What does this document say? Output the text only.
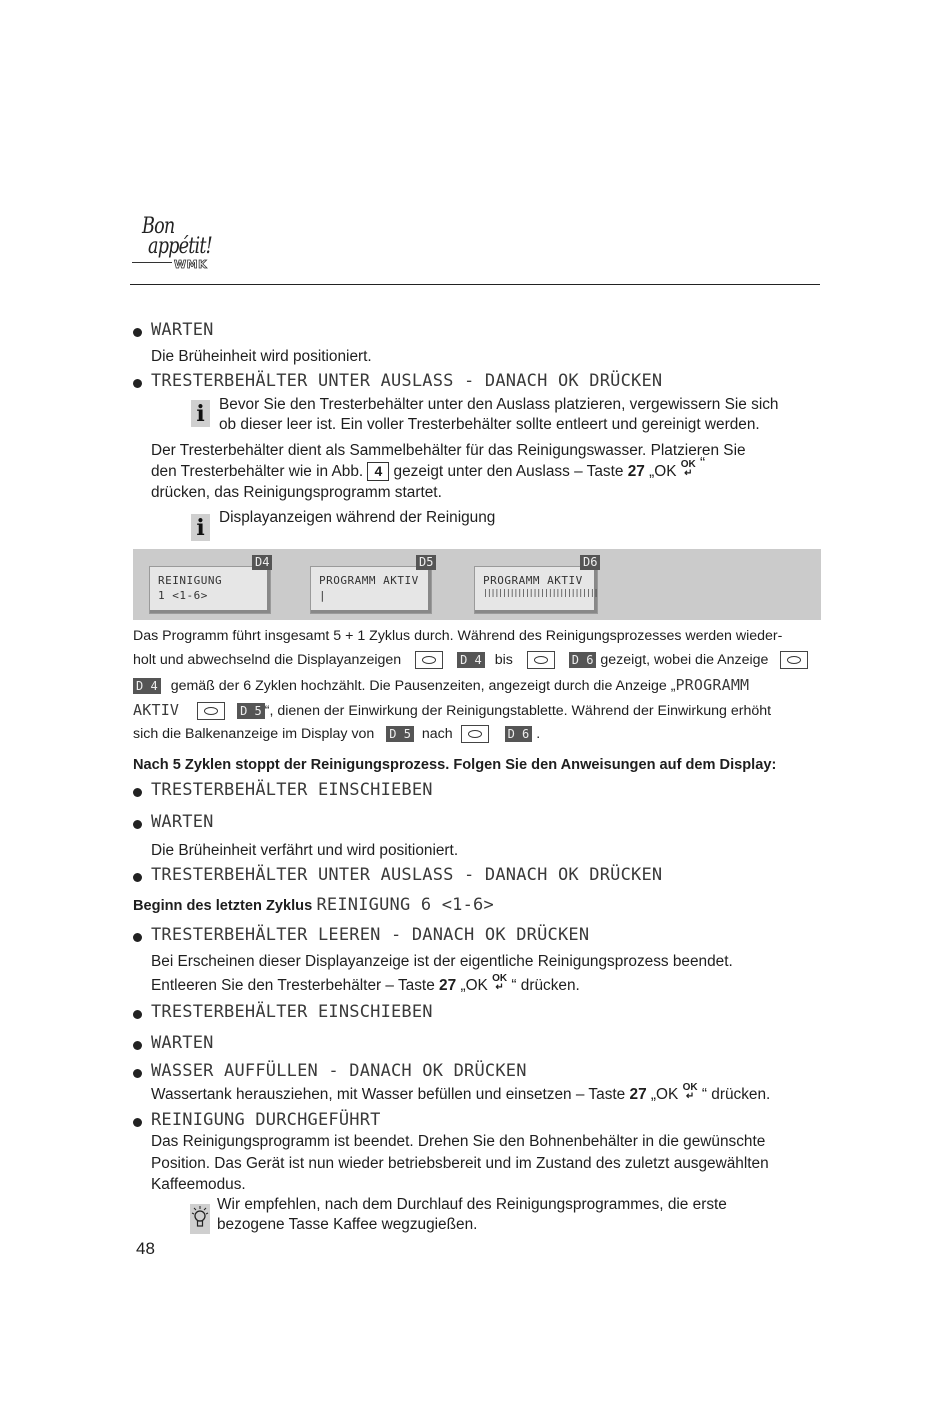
Bon
appétit!
WMK
WARTEN
Die Brüheinheit wird positioniert.
TRESTERBEHÄLTER UNTER AUSLASS - DANACH OK DRÜCKEN
i Bevor Sie den Tresterbehälter unter den Auslass platzieren, vergewissern Sie sich
ob dieser leer ist. Ein voller Tresterbehälter sollte entleert und gereinigt werden.
Der Tresterbehälter dient als Sammelbehälter für das Reinigungswasser. Platzieren Sie
den Tresterbehälter wie in Abb. 4 gezeigt unter den Auslass – Taste 27 „OK OK
↵ “
drücken, das Reinigungsprogramm startet.
i Displayanzeigen während der Reinigung
REINIGUNG
1 <1-6>
D4
PROGRAMM AKTIV
|
D5
PROGRAMM AKTIV
||||||||||||||||||||||||||||||
D6
Das Programm führt insgesamt 5 + 1 Zyklus durch. Während des Reinigungsprozesses werden wieder-
holt und abwechselnd die Displayanzeigen	D 4 bis	D 6 gezeigt, wobei die Anzeige
D 4 gemäß der 6 Zyklen hochzählt. Die Pausenzeiten, angezeigt durch die Anzeige „PROGRAMM
AKTIV	D 5 “, dienen der Einwirkung der Reinigungstablette. Während der Einwirkung erhöht
sich die Balkenanzeige im Display von D 5 nach	D 6 .
Nach 5 Zyklen stoppt der Reinigungsprozess. Folgen Sie den Anweisungen auf dem Display:
TRESTERBEHÄLTER EINSCHIEBEN
WARTEN
Die Brüheinheit verfährt und wird positioniert.
TRESTERBEHÄLTER UNTER AUSLASS - DANACH OK DRÜCKEN
Beginn des letzten Zyklus REINIGUNG 6 <1-6>
TRESTERBEHÄLTER LEEREN - DANACH OK DRÜCKEN
Bei Erscheinen dieser Displayanzeige ist der eigentliche Reinigungsprozess beendet.
Entleeren Sie den Tresterbehälter – Taste 27 „OK OK
↵ “ drücken.
TRESTERBEHÄLTER EINSCHIEBEN
WARTEN
WASSER AUFFÜLLEN - DANACH OK DRÜCKEN
Wassertank herausziehen, mit Wasser befüllen und einsetzen – Taste 27 „OK OK
↵ “ drücken.
REINIGUNG DURCHGEFÜHRT
Das Reinigungsprogramm ist beendet. Drehen Sie den Bohnenbehälter in die gewünschte
Position. Das Gerät ist nun wieder betriebsbereit und im Zustand des zuletzt ausgewählten
Kaffeemodus.
Wir empfehlen, nach dem Durchlauf des Reinigungsprogrammes, die erste
bezogene Tasse Kaffee wegzugießen.
48
